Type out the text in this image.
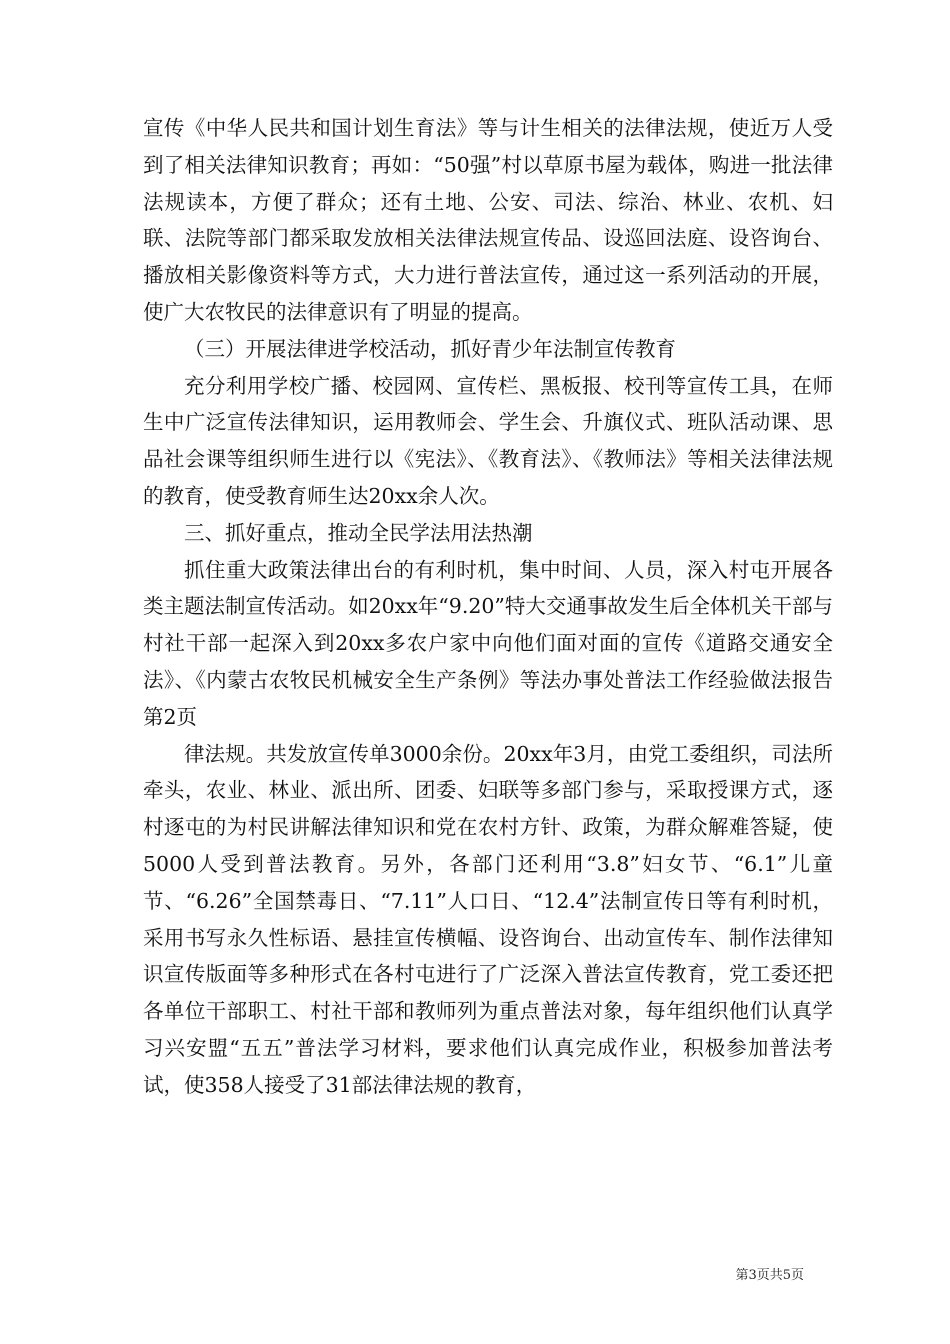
宣传《中华人民共和国计划生育法》等与计生相关的法律法规，使近万人受到了相关法律知识教育；再如：“50强”村以草原书屋为载体，购进一批法律法规读本，方便了群众；还有土地、公安、司法、综治、林业、农机、妇联、法院等部门都采取发放相关法律法规宣传品、设巡回法庭、设咨询台、播放相关影像资料等方式，大力进行普法宣传，通过这一系列活动的开展，使广大农牧民的法律意识有了明显的提高。

（三）开展法律进学校活动，抓好青少年法制宣传教育

充分利用学校广播、校园网、宣传栏、黑板报、校刊等宣传工具，在师生中广泛宣传法律知识，运用教师会、学生会、升旗仪式、班队活动课、思品社会课等组织师生进行以《宪法》、《教育法》、《教师法》等相关法律法规的教育，使受教育师生达20xx余人次。

三、抓好重点，推动全民学法用法热潮

抓住重大政策法律出台的有利时机，集中时间、人员，深入村屯开展各类主题法制宣传活动。如20xx年“9.20”特大交通事故发生后全体机关干部与村社干部一起深入到20xx多农户家中向他们面对面的宣传《道路交通安全法》、《内蒙古农牧民机械安全生产条例》等法办事处普法工作经验做法报告第2页

律法规。共发放宣传单3000余份。20xx年3月，由党工委组织，司法所牵头，农业、林业、派出所、团委、妇联等多部门参与，采取授课方式，逐村逐屯的为村民讲解法律知识和党在农村方针、政策，为群众解难答疑，使5000人受到普法教育。另外，各部门还利用“3.8”妇女节、“6.1”儿童节、“6.26”全国禁毒日、“7.11”人口日、“12.4”法制宣传日等有利时机，采用书写永久性标语、悬挂宣传横幅、设咨询台、出动宣传车、制作法律知识宣传版面等多种形式在各村屯进行了广泛深入普法宣传教育，党工委还把各单位干部职工、村社干部和教师列为重点普法对象，每年组织他们认真学习兴安盟“五五”普法学习材料，要求他们认真完成作业，积极参加普法考试，使358人接受了31部法律法规的教育，

第3页共5页
